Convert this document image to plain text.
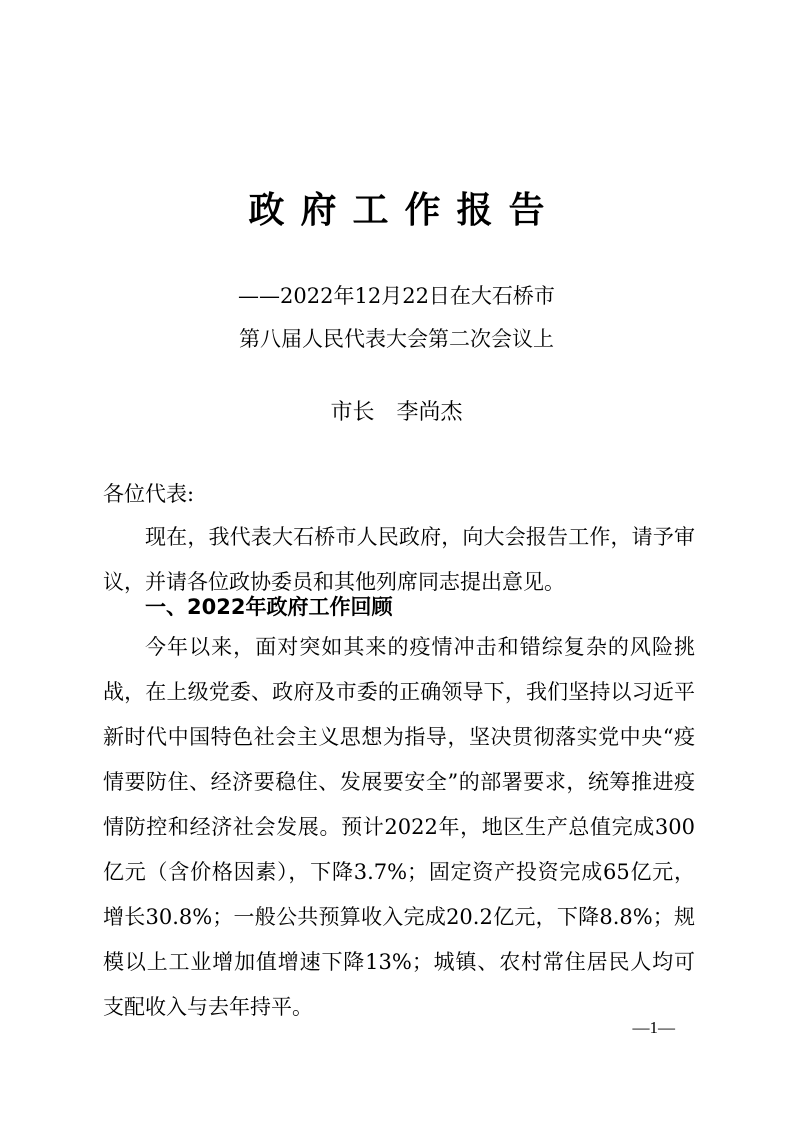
政府工作报告
——2022年12月22日在大石桥市
第八届人民代表大会第二次会议上
市长 李尚杰
各位代表:
现在，我代表大石桥市人民政府，向大会报告工作，请予审议，并请各位政协委员和其他列席同志提出意见。
一、2022年政府工作回顾
今年以来，面对突如其来的疫情冲击和错综复杂的风险挑战，在上级党委、政府及市委的正确领导下，我们坚持以习近平新时代中国特色社会主义思想为指导，坚决贯彻落实党中央“疫情要防住、经济要稳住、发展要安全”的部署要求，统筹推进疫情防控和经济社会发展。预计2022年，地区生产总值完成300亿元（含价格因素），下降3.7%；固定资产投资完成65亿元，增长30.8%；一般公共预算收入完成20.2亿元，下降8.8%；规模以上工业增加值增速下降13%；城镇、农村常住居民人均可支配收入与去年持平。
—1—
